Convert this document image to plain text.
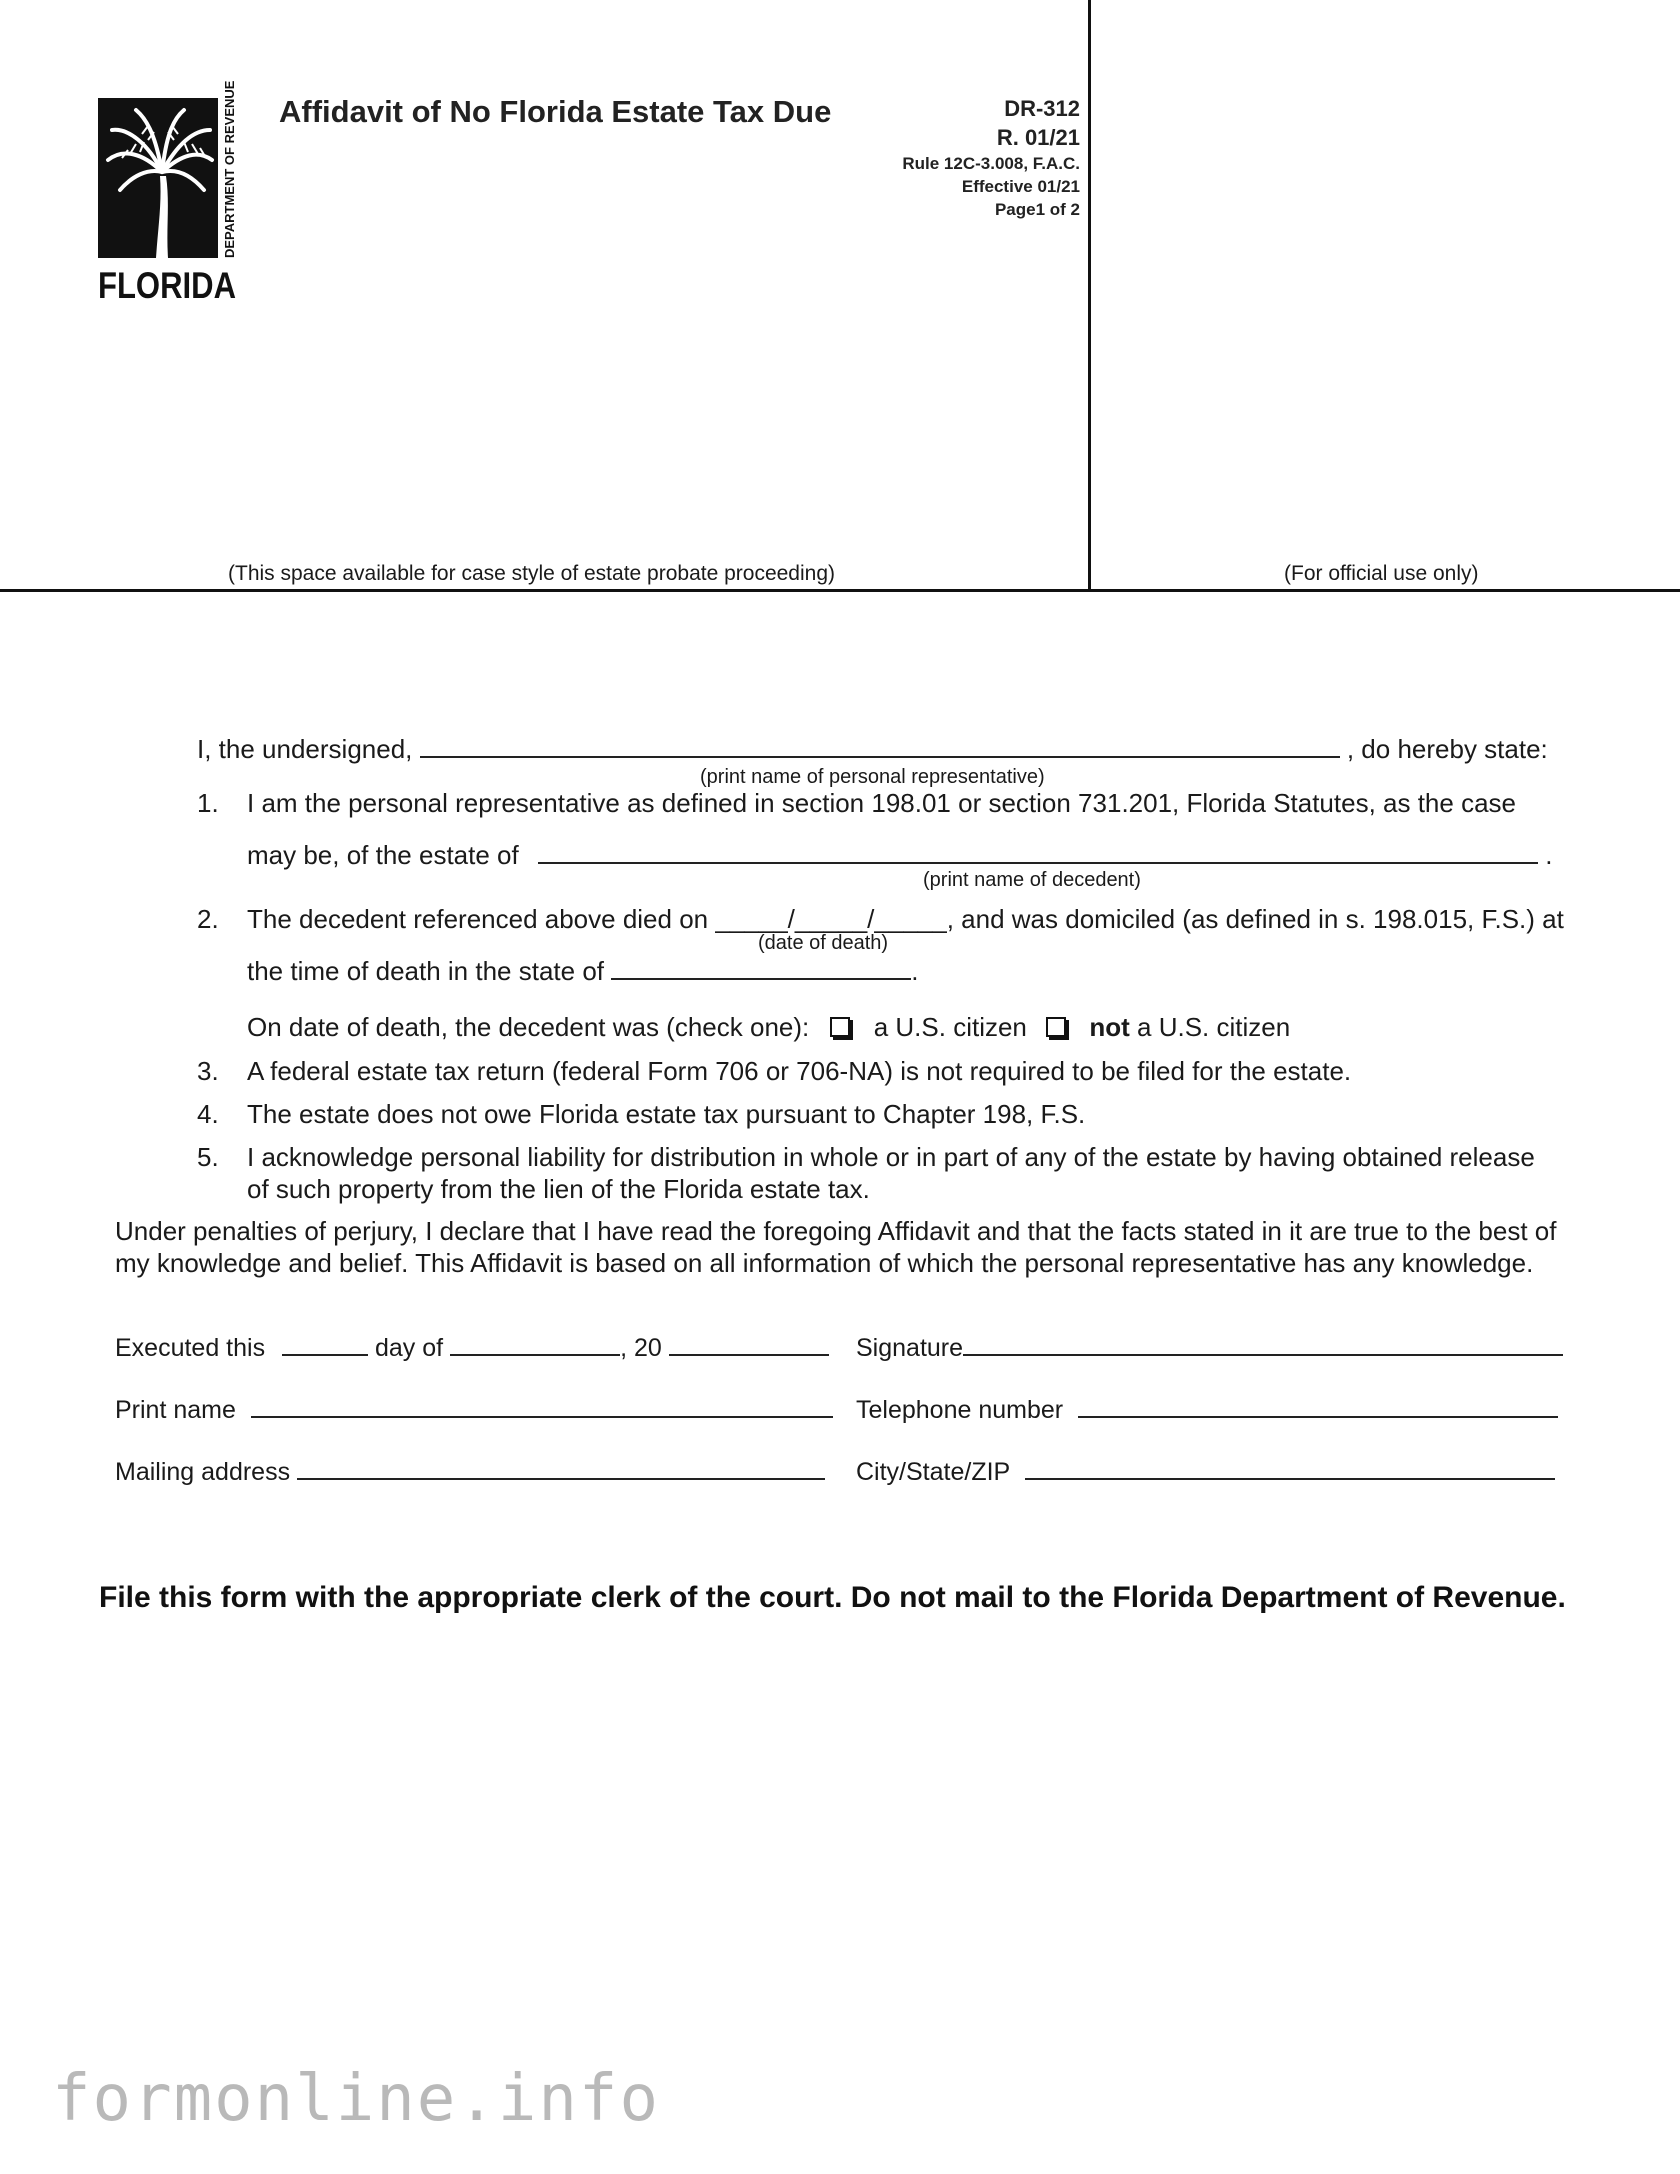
DEPARTMENT OF REVENUE
FLORIDA
Affidavit of No Florida Estate Tax Due	DR-312
R. 01/21
Rule 12C-3.008, F.A.C.
Effective 01/21
Page1 of 2
(This space available for case style of estate probate proceeding)	(For official use only)
I, the undersigned,	, do hereby state:
(print name of personal representative)
1. I am the personal representative as defined in section 198.01 or section 731.201, Florida Statutes, as the case
may be, of the estate of	.
(print name of decedent)
2. The decedent referenced above died on _____/_____/_____, and was domiciled (as defined in s. 198.015, F.S.) at
(date of death)
the time of death in the state of	.
On date of death, the decedent was (check one): a U.S. citizen not a U.S. citizen
3. A federal estate tax return (federal Form 706 or 706-NA) is not required to be filed for the estate.
4. The estate does not owe Florida estate tax pursuant to Chapter 198, F.S.
5. I acknowledge personal liability for distribution in whole or in part of any of the estate by having obtained release
of such property from the lien of the Florida estate tax.
Under penalties of perjury, I declare that I have read the foregoing Affidavit and that the facts stated in it are true to the best of
my knowledge and belief. This Affidavit is based on all information of which the personal representative has any knowledge.
Executed this	day of	, 20	Signature
Print name	Telephone number
Mailing address	City/State/ZIP
File this form with the appropriate clerk of the court. Do not mail to the Florida Department of Revenue.
formonline.info
